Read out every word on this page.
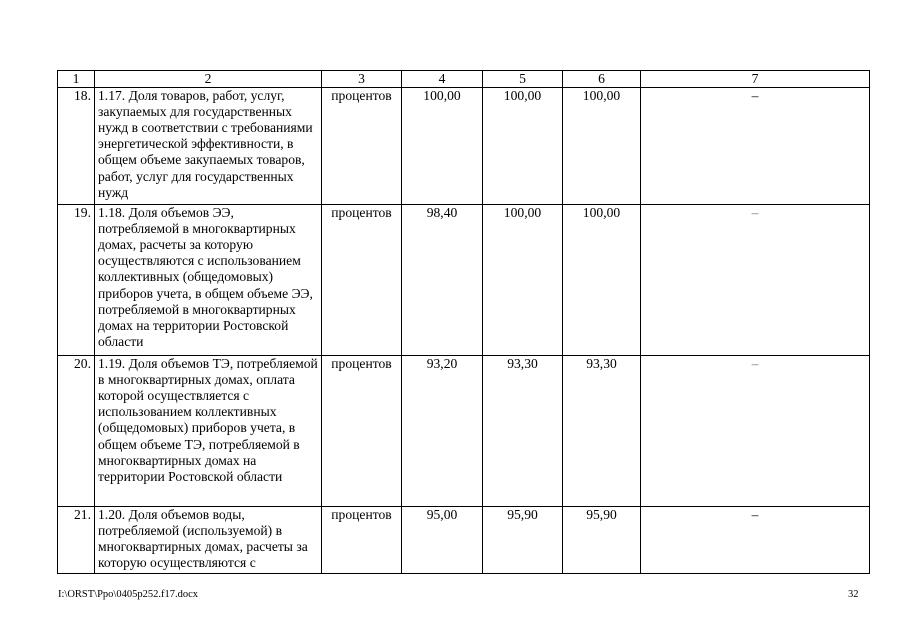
1	2	3	4	5	6	7
18.	1.17. Доля товаров, работ, услуг, закупаемых для государственных нужд в соответствии с требованиями энергетической эффективности, в общем объеме закупаемых товаров, работ, услуг для государственных нужд	процентов	100,00	100,00	100,00	–
19.	1.18. Доля объемов ЭЭ, потребляемой в многоквартирных домах, расчеты за которую осуществляются с использованием коллективных (общедомовых) приборов учета, в общем объеме ЭЭ, потребляемой в многоквартирных домах на территории Ростовской области	процентов	98,40	100,00	100,00	–
20.	1.19. Доля объемов ТЭ, потребляемой в многоквартирных домах, оплата которой осуществляется с использованием коллективных (общедомовых) приборов учета, в общем объеме ТЭ, потребляемой в многоквартирных домах на территории Ростовской области	процентов	93,20	93,30	93,30	–
21.	1.20. Доля объемов воды, потребляемой (используемой) в многоквартирных домах, расчеты за которую осуществляются с	процентов	95,00	95,90	95,90	–
I:\ORST\Ppo\0405p252.f17.docx	32
